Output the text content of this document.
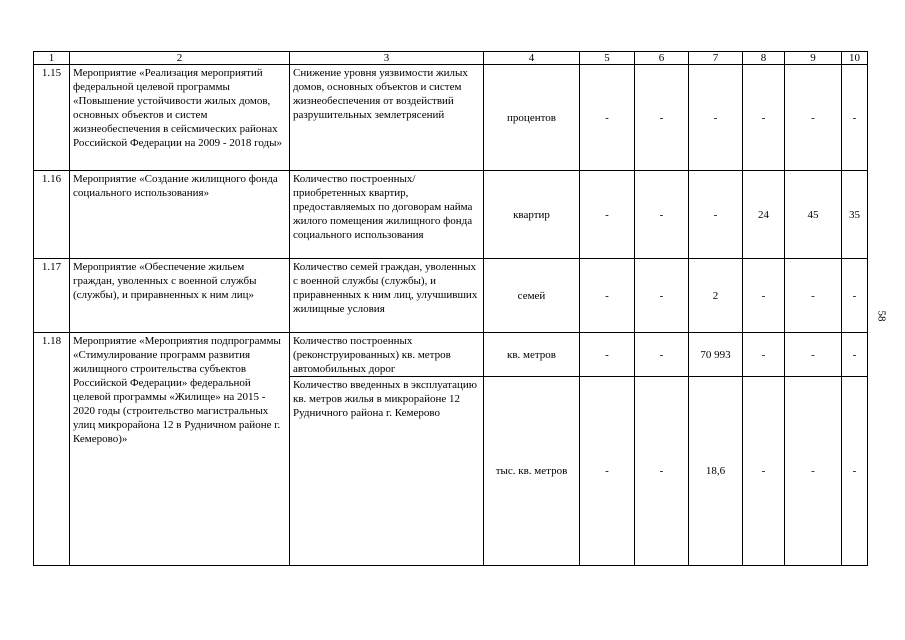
1	2	3	4	5	6	7	8	9	10
1.15	Мероприятие «Реализация мероприятий федеральной целевой программы «Повышение устойчивости жилых домов, основных объектов и систем жизнеобеспечения в сейсмических районах Российской Федерации на 2009 - 2018 годы»	Снижение уровня уязвимости жилых домов, основных объектов и систем жизнеобеспечения от воздействий разрушительных землетрясений	процентов	-	-	-	-	-	-
1.16	Мероприятие «Создание жилищного фонда социального использования»	Количество построенных/ приобретенных квартир, предоставляемых по договорам найма жилого помещения жилищного фонда социального использования	квартир	-	-	-	24	45	35
1.17	Мероприятие «Обеспечение жильем граждан, уволенных с военной службы (службы), и приравненных к ним лиц»	Количество семей граждан, уволенных с военной службы (службы), и приравненных к ним лиц, улучшивших жилищные условия	семей	-	-	2	-	-	-
1.18	Мероприятие «Мероприятия подпрограммы «Стимулирование программ развития жилищного строительства субъектов Российской Федерации» федеральной целевой программы «Жилище» на 2015 - 2020 годы (строительство магистральных улиц микрорайона 12 в Рудничном районе г. Кемерово)»	Количество построенных (реконструированных) кв. метров автомобильных дорог	кв. метров	-	-	70 993	-	-	-
		Количество введенных в эксплуатацию кв. метров жилья в микрорайоне 12 Рудничного района г. Кемерово	тыс. кв. метров	-	-	18,6	-	-	-
58
